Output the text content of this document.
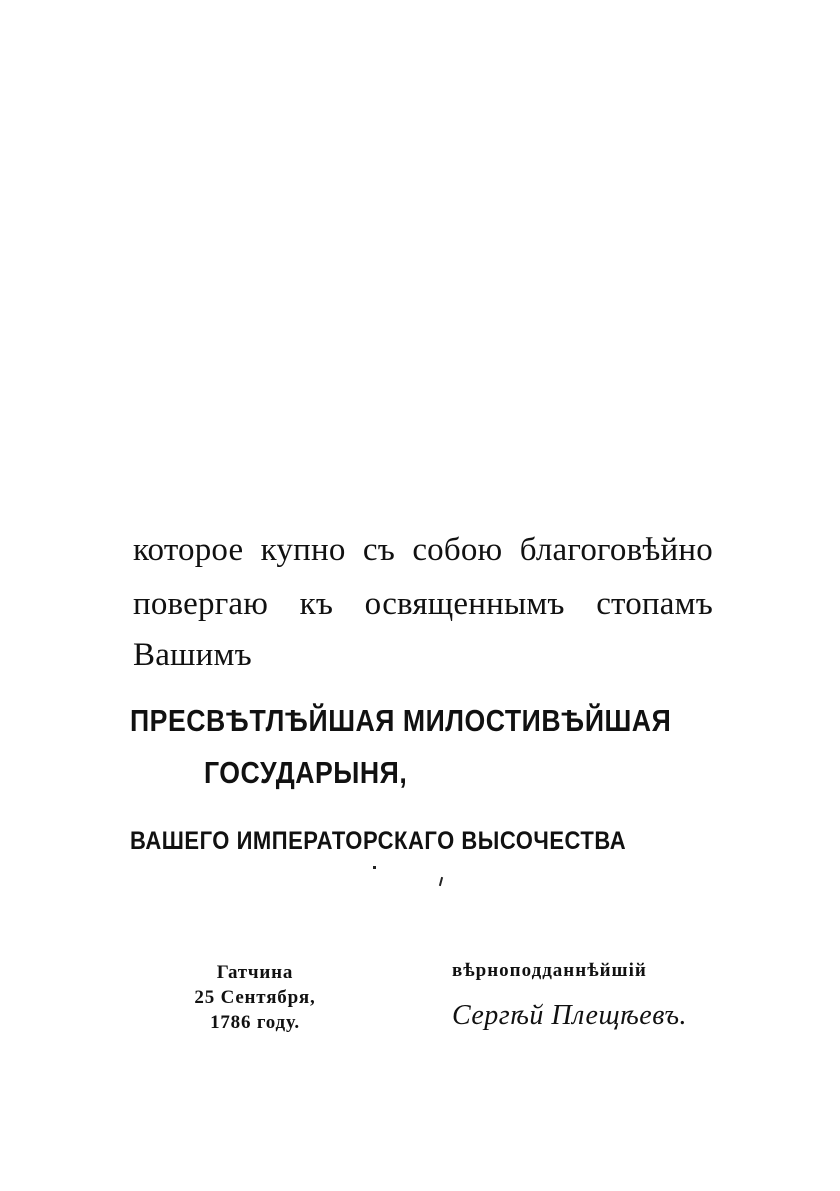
которое купно съ собою благоговѣйно
повергаю къ освященнымъ стопамъ
Вашимъ
ПРЕСВѢТЛѢЙШАЯ МИЛОСТИВѢЙШАЯ
ГОСУДАРЫНЯ,
ВАШЕГО ИМПЕРАТОРСКАГО ВЫСОЧЕСТВА
Гатчина
25 Сентября,
1786 году.
вѣрноподданнѣйшiй
Сергѣй Плещѣевъ.
